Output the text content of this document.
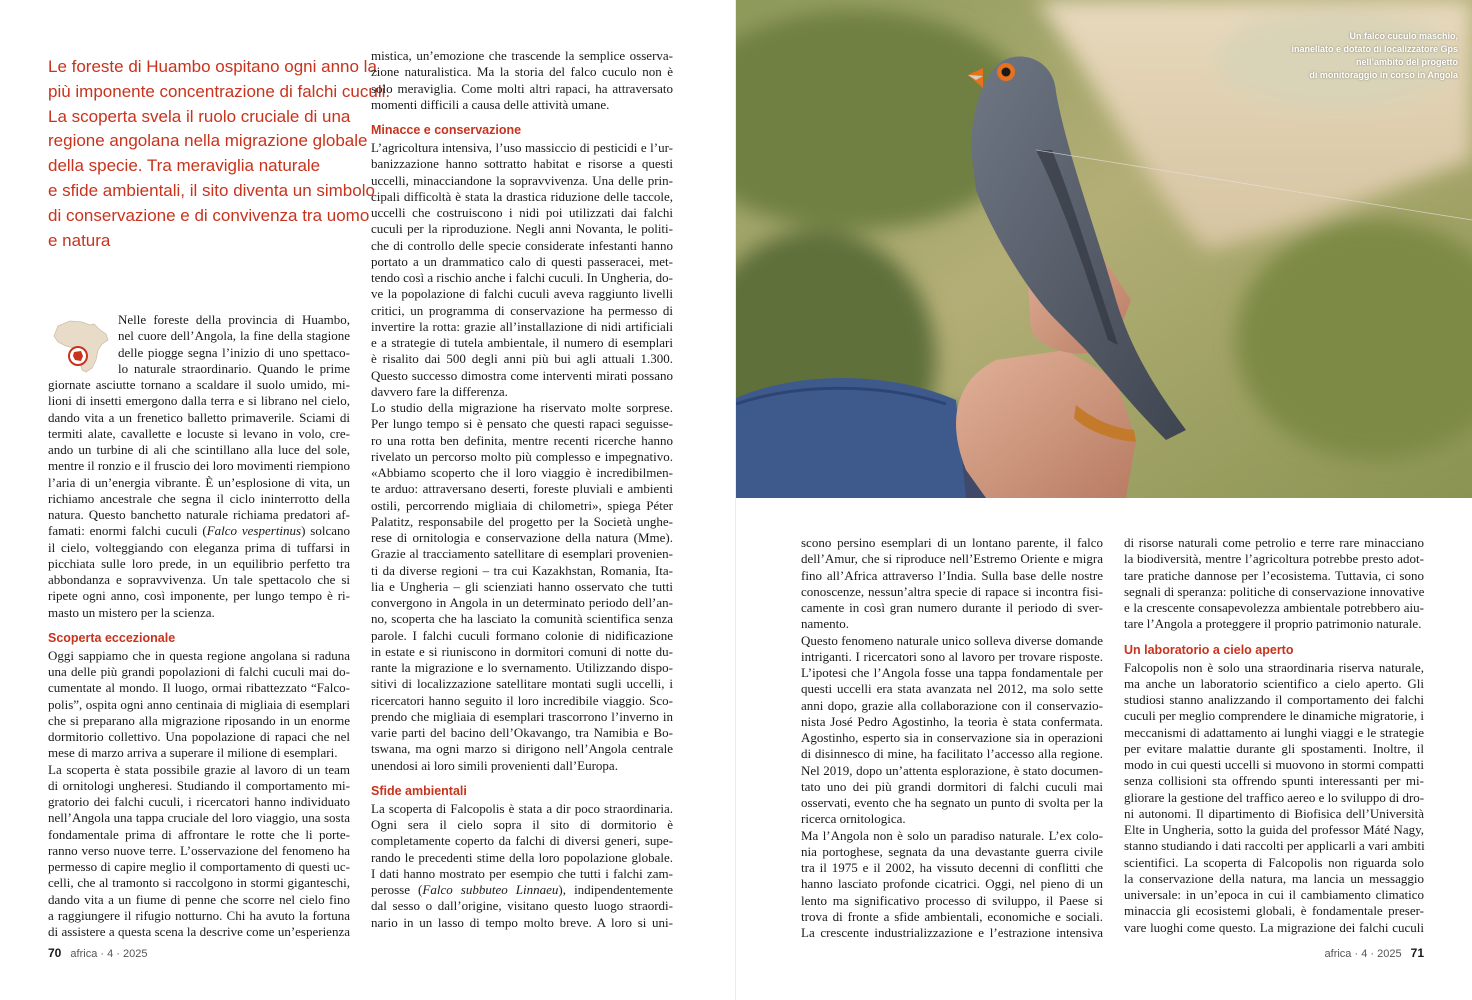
Le foreste di Huambo ospitano ogni anno la
più imponente concentrazione di falchi cuculi.
La scoperta svela il ruolo cruciale di una
regione angolana nella migrazione globale
della specie. Tra meraviglia naturale
e sfide ambientali, il sito diventa un simbolo
di conservazione e di convivenza tra uomo
e natura
Nelle foreste della provincia di Huambo,
nel cuore dell’Angola, la fine della stagione
delle piogge segna l’inizio di uno spettaco-
lo naturale straordinario. Quando le prime
giornate asciutte tornano a scaldare il suolo umido, mi-
lioni di insetti emergono dalla terra e si librano nel cielo,
dando vita a un frenetico balletto primaverile. Sciami di
termiti alate, cavallette e locuste si levano in volo, cre-
ando un turbine di ali che scintillano alla luce del sole,
mentre il ronzio e il fruscio dei loro movimenti riempiono
l’aria di un’energia vibrante. È un’esplosione di vita, un
richiamo ancestrale che segna il ciclo ininterrotto della
natura. Questo banchetto naturale richiama predatori af-
famati: enormi falchi cuculi (Falco vespertinus) solcano
il cielo, volteggiando con eleganza prima di tuffarsi in
picchiata sulle loro prede, in un equilibrio perfetto tra
abbondanza e sopravvivenza. Un tale spettacolo che si
ripete ogni anno, così imponente, per lungo tempo è ri-
masto un mistero per la scienza.
Scoperta eccezionale
Oggi sappiamo che in questa regione angolana si raduna
una delle più grandi popolazioni di falchi cuculi mai do-
cumentate al mondo. Il luogo, ormai ribattezzato “Falco-
polis”, ospita ogni anno centinaia di migliaia di esemplari
che si preparano alla migrazione riposando in un enorme
dormitorio collettivo. Una popolazione di rapaci che nel
mese di marzo arriva a superare il milione di esemplari.
La scoperta è stata possibile grazie al lavoro di un team
di ornitologi ungheresi. Studiando il comportamento mi-
gratorio dei falchi cuculi, i ricercatori hanno individuato
nell’Angola una tappa cruciale del loro viaggio, una sosta
fondamentale prima di affrontare le rotte che li porte-
ranno verso nuove terre. L’osservazione del fenomeno ha
permesso di capire meglio il comportamento di questi uc-
celli, che al tramonto si raccolgono in stormi giganteschi,
dando vita a un fiume di penne che scorre nel cielo fino
a raggiungere il rifugio notturno. Chi ha avuto la fortuna
di assistere a questa scena la descrive come un’esperienza
mistica, un’emozione che trascende la semplice osserva-
zione naturalistica. Ma la storia del falco cuculo non è
solo meraviglia. Come molti altri rapaci, ha attraversato
momenti difficili a causa delle attività umane.
Minacce e conservazione
L’agricoltura intensiva, l’uso massiccio di pesticidi e l’ur-
banizzazione hanno sottratto habitat e risorse a questi
uccelli, minacciandone la sopravvivenza. Una delle prin-
cipali difficoltà è stata la drastica riduzione delle taccole,
uccelli che costruiscono i nidi poi utilizzati dai falchi
cuculi per la riproduzione. Negli anni Novanta, le politi-
che di controllo delle specie considerate infestanti hanno
portato a un drammatico calo di questi passeracei, met-
tendo così a rischio anche i falchi cuculi. In Ungheria, do-
ve la popolazione di falchi cuculi aveva raggiunto livelli
critici, un programma di conservazione ha permesso di
invertire la rotta: grazie all’installazione di nidi artificiali
e a strategie di tutela ambientale, il numero di esemplari
è risalito dai 500 degli anni più bui agli attuali 1.300.
Questo successo dimostra come interventi mirati possano
davvero fare la differenza.
Lo studio della migrazione ha riservato molte sorprese.
Per lungo tempo si è pensato che questi rapaci seguisse-
ro una rotta ben definita, mentre recenti ricerche hanno
rivelato un percorso molto più complesso e impegnativo.
«Abbiamo scoperto che il loro viaggio è incredibilmen-
te arduo: attraversano deserti, foreste pluviali e ambienti
ostili, percorrendo migliaia di chilometri», spiega Péter
Palatitz, responsabile del progetto per la Società unghe-
rese di ornitologia e conservazione della natura (Mme).
Grazie al tracciamento satellitare di esemplari provenien-
ti da diverse regioni – tra cui Kazakhstan, Romania, Ita-
lia e Ungheria – gli scienziati hanno osservato che tutti
convergono in Angola in un determinato periodo dell’an-
no, scoperta che ha lasciato la comunità scientifica senza
parole. I falchi cuculi formano colonie di nidificazione
in estate e si riuniscono in dormitori comuni di notte du-
rante la migrazione e lo svernamento. Utilizzando dispo-
sitivi di localizzazione satellitare montati sugli uccelli, i
ricercatori hanno seguito il loro incredibile viaggio. Sco-
prendo che migliaia di esemplari trascorrono l’inverno in
varie parti del bacino dell’Okavango, tra Namibia e Bo-
tswana, ma ogni marzo si dirigono nell’Angola centrale
unendosi ai loro simili provenienti dall’Europa.
Sfide ambientali
La scoperta di Falcopolis è stata a dir poco straordinaria.
Ogni sera il cielo sopra il sito di dormitorio è
completamente coperto da falchi di diversi generi, supe-
rando le precedenti stime della loro popolazione globale.
I dati hanno mostrato per esempio che tutti i falchi zam-
perosse (Falco subbuteo Linnaeu), indipendentemente
dal sesso o dall’origine, visitano questo luogo straordi-
nario in un lasso di tempo molto breve. A loro si uni-
70 africa · 4 · 2025
scono persino esemplari di un lontano parente, il falco
dell’Amur, che si riproduce nell’Estremo Oriente e migra
fino all’Africa attraverso l’India. Sulla base delle nostre
conoscenze, nessun’altra specie di rapace si incontra fisi-
camente in così gran numero durante il periodo di sver-
namento.
Questo fenomeno naturale unico solleva diverse domande
intriganti. I ricercatori sono al lavoro per trovare risposte.
L’ipotesi che l’Angola fosse una tappa fondamentale per
questi uccelli era stata avanzata nel 2012, ma solo sette
anni dopo, grazie alla collaborazione con il conservazio-
nista José Pedro Agostinho, la teoria è stata confermata.
Agostinho, esperto sia in conservazione sia in operazioni
di disinnesco di mine, ha facilitato l’accesso alla regione.
Nel 2019, dopo un’attenta esplorazione, è stato documen-
tato uno dei più grandi dormitori di falchi cuculi mai
osservati, evento che ha segnato un punto di svolta per la
ricerca ornitologica.
Ma l’Angola non è solo un paradiso naturale. L’ex colo-
nia portoghese, segnata da una devastante guerra civile
tra il 1975 e il 2002, ha vissuto decenni di conflitti che
hanno lasciato profonde cicatrici. Oggi, nel pieno di un
lento ma significativo processo di sviluppo, il Paese si
trova di fronte a sfide ambientali, economiche e sociali.
La crescente industrializzazione e l’estrazione intensiva
di risorse naturali come petrolio e terre rare minacciano
la biodiversità, mentre l’agricoltura potrebbe presto adot-
tare pratiche dannose per l’ecosistema. Tuttavia, ci sono
segnali di speranza: politiche di conservazione innovative
e la crescente consapevolezza ambientale potrebbero aiu-
tare l’Angola a proteggere il proprio patrimonio naturale.
Un laboratorio a cielo aperto
Falcopolis non è solo una straordinaria riserva naturale,
ma anche un laboratorio scientifico a cielo aperto. Gli
studiosi stanno analizzando il comportamento dei falchi
cuculi per meglio comprendere le dinamiche migratorie, i
meccanismi di adattamento ai lunghi viaggi e le strategie
per evitare malattie durante gli spostamenti. Inoltre, il
modo in cui questi uccelli si muovono in stormi compatti
senza collisioni sta offrendo spunti interessanti per mi-
gliorare la gestione del traffico aereo e lo sviluppo di dro-
ni autonomi. Il dipartimento di Biofisica dell’Università
Elte in Ungheria, sotto la guida del professor Máté Nagy,
stanno studiando i dati raccolti per applicarli a vari ambiti
scientifici. La scoperta di Falcopolis non riguarda solo
la conservazione della natura, ma lancia un messaggio
universale: in un’epoca in cui il cambiamento climatico
minaccia gli ecosistemi globali, è fondamentale preser-
vare luoghi come questo. La migrazione dei falchi cuculi
africa · 4 · 2025 71
Un falco cuculo maschio,
inanellato e dotato di localizzatore Gps
nell’ambito del progetto
di monitoraggio in corso in Angola
